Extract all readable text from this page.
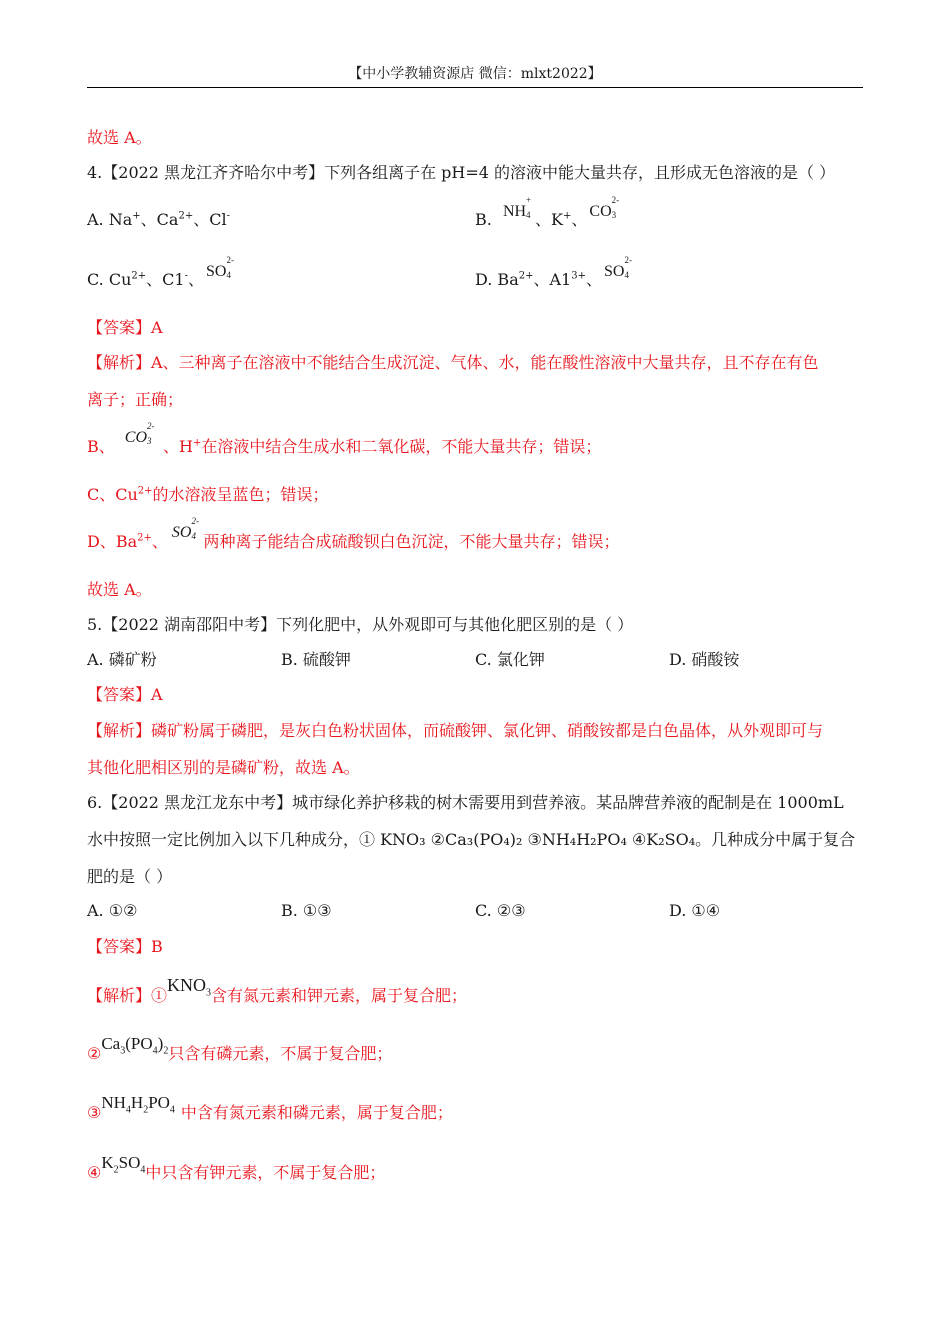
【中小学教辅资源店 微信：mlxt2022】
故选 A。
4.【2022 黑龙江齐齐哈尔中考】下列各组离子在 pH=4 的溶液中能大量共存，且形成无色溶液的是（ ）
A. Na+、$Ca^{2+}$、Cl-	B. NH
+
4 、K+、 CO
2-
3
C. $Cu^{2+}$、C1-、 SO
2-
4	D. $Ba^{2+}$、$A1^{3+}$、 SO
2-
4
【答案】A
【解析】A、三种离子在溶液中不能结合生成沉淀、气体、水，能在酸性溶液中大量共存，且不存在有色
离子；正确；
B、 CO
2-
3 、H+在溶液中结合生成水和二氧化碳，不能大量共存；错误；
C、$Cu^{2+}$的水溶液呈蓝色；错误；
D、$Ba^{2+}$、 SO
2-
4 两种离子能结合成硫酸钡白色沉淀，不能大量共存；错误；
故选 A。
5.【2022 湖南邵阳中考】下列化肥中，从外观即可与其他化肥区别的是（ ）
A. 磷矿粉	B. 硫酸钾	C. 氯化钾	D. 硝酸铵
【答案】A
【解析】磷矿粉属于磷肥，是灰白色粉状固体，而硫酸钾、氯化钾、硝酸铵都是白色晶体，从外观即可与
其他化肥相区别的是磷矿粉，故选 A。
6.【2022 黑龙江龙东中考】城市绿化养护移栽的树木需要用到营养液。某品牌营养液的配制是在 1000mL
水中按照一定比例加入以下几种成分，① KNO₃ ②Ca₃(PO₄)₂ ③NH₄H₂PO₄ ④K₂SO₄。几种成分中属于复合
肥的是（ ）
A. ①②	B. ①③	C. ②③	D. ①④
【答案】B
【解析】$①KNO_3$含有氮元素和钾元素，属于复合肥；
$②Ca_3(PO_4)_2$只含有磷元素，不属于复合肥；
$③NH_4H_2PO_4$ 中含有氮元素和磷元素，属于复合肥；
$④K_2SO_4$中只含有钾元素，不属于复合肥；
